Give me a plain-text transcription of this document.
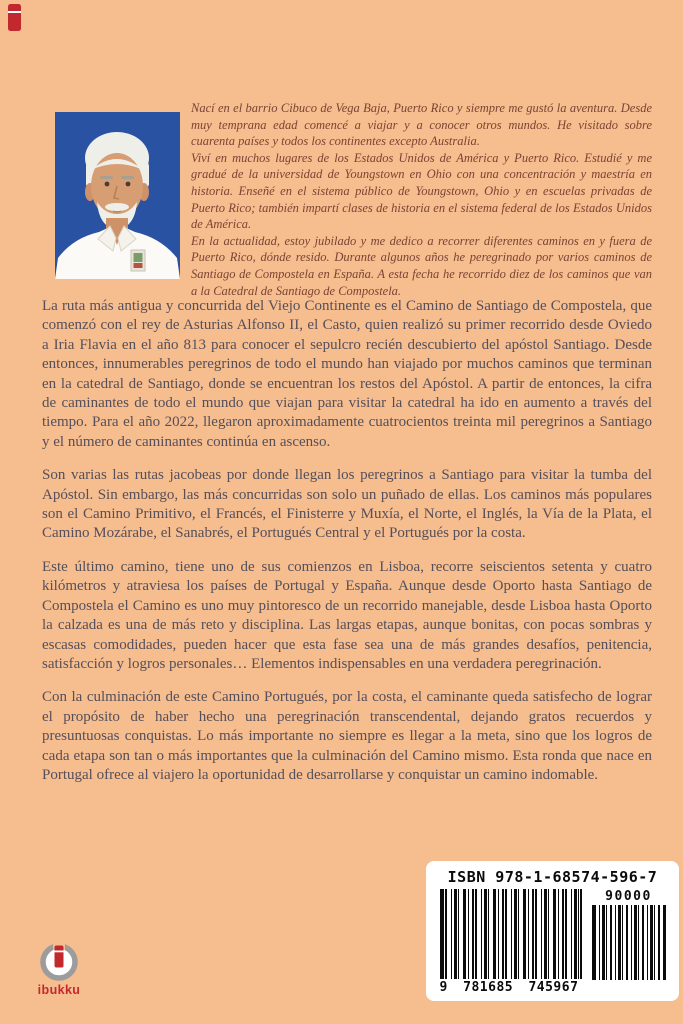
Nací en el barrio Cibuco de Vega Baja, Puerto Rico y siempre me gustó la aventura. Desde muy temprana edad comencé a viajar y a conocer otros mundos. He visitado sobre cuarenta países y todos los continentes excepto Australia.

Viví en muchos lugares de los Estados Unidos de América y Puerto Rico. Estudié y me gradué de la universidad de Youngstown en Ohio con una concentración y maestría en historia. Enseñé en el sistema público de Youngstown, Ohio y en escuelas privadas de Puerto Rico; también impartí clases de historia en el sistema federal de los Estados Unidos de América.

En la actualidad, estoy jubilado y me dedico a recorrer diferentes caminos en y fuera de Puerto Rico, dónde resido. Durante algunos años he peregrinado por varios caminos de Santiago de Compostela en España. A esta fecha he recorrido diez de los caminos que van a la Catedral de Santiago de Compostela.

La ruta más antigua y concurrida del Viejo Continente es el Camino de Santiago de Compostela, que comenzó con el rey de Asturias Alfonso II, el Casto, quien realizó su primer recorrido desde Oviedo a Iria Flavia en el año 813 para conocer el sepulcro recién descubierto del apóstol Santiago. Desde entonces, innumerables peregrinos de todo el mundo han viajado por muchos caminos que terminan en la catedral de Santiago, donde se encuentran los restos del Apóstol. A partir de entonces, la cifra de caminantes de todo el mundo que viajan para visitar la catedral ha ido en aumento a través del tiempo. Para el año 2022, llegaron aproximadamente cuatrocientos treinta mil peregrinos a Santiago y el número de caminantes continúa en ascenso.

Son varias las rutas jacobeas por donde llegan los peregrinos a Santiago para visitar la tumba del Apóstol. Sin embargo, las más concurridas son solo un puñado de ellas. Los caminos más populares son el Camino Primitivo, el Francés, el Finisterre y Muxía, el Norte, el Inglés, la Vía de la Plata, el Camino Mozárabe, el Sanabrés, el Portugués Central y el Portugués por la costa.

Este último camino, tiene uno de sus comienzos en Lisboa, recorre seiscientos setenta y cuatro kilómetros y atraviesa los países de Portugal y España. Aunque desde Oporto hasta Santiago de Compostela el Camino es uno muy pintoresco de un recorrido manejable, desde Lisboa hasta Oporto la calzada es una de más reto y disciplina. Las largas etapas, aunque bonitas, con pocas sombras y escasas comodidades, pueden hacer que esta fase sea una de más grandes desafíos, penitencia, satisfacción y logros personales… Elementos indispensables en una verdadera peregrinación.

Con la culminación de este Camino Portugués, por la costa, el caminante queda satisfecho de lograr el propósito de haber hecho una peregrinación transcendental, dejando gratos recuerdos y presuntuosas conquistas. Lo más importante no siempre es llegar a la meta, sino que los logros de cada etapa son tan o más importantes que la culminación del Camino mismo. Esta ronda que nace en Portugal ofrece al viajero la oportunidad de desarrollarse y conquistar un camino indomable.

ibukku
ISBN 978-1-68574-596-7
9 781685 745967
90000
